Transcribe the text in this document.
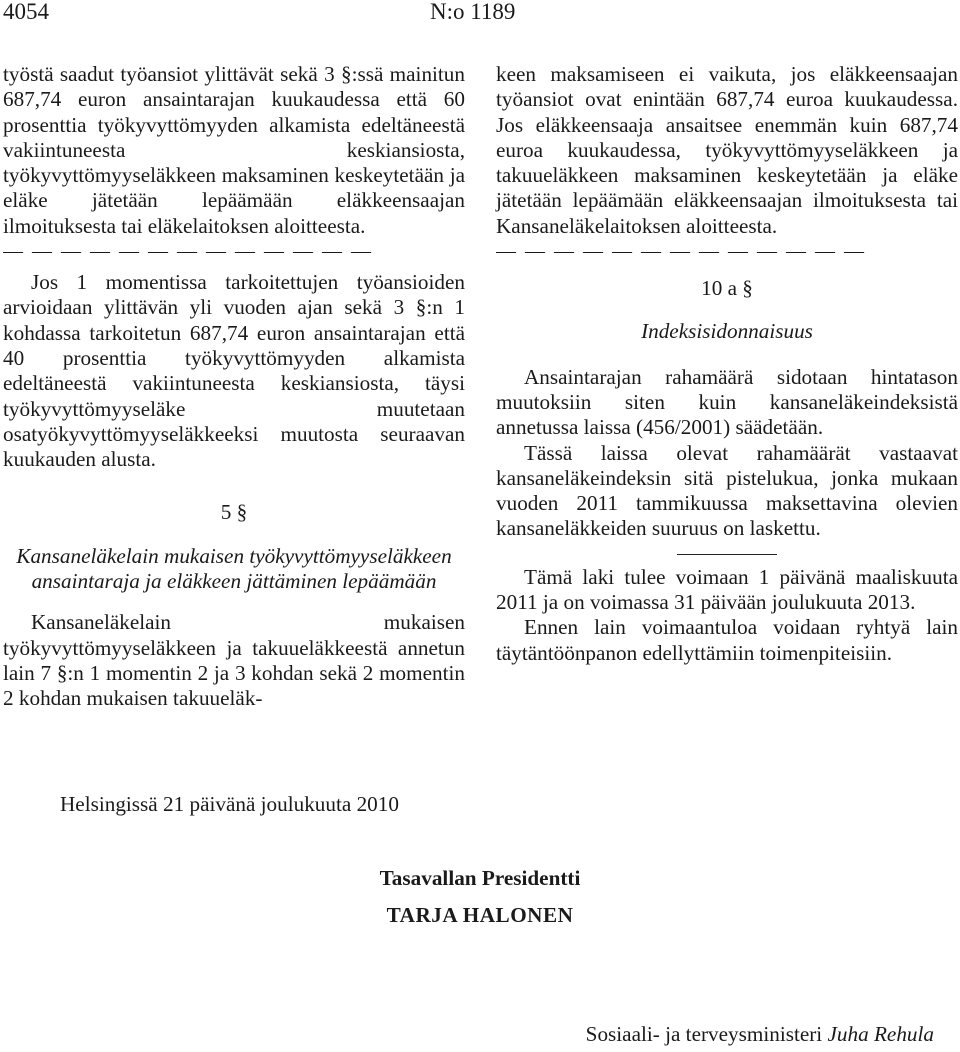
4054	N:o 1189

työstä saadut työansiot ylittävät sekä 3 §:ssä mainitun 687,74 euron ansaintarajan kuukaudessa että 60 prosenttia työkyvyttömyyden alkamista edeltäneestä vakiintuneesta keskiansiosta, työkyvyttömyyseläkkeen maksaminen keskeytetään ja eläke jätetään lepäämään eläkkeensaajan ilmoituksesta tai eläkelaitoksen aloitteesta.

— — — — — — — — — — — — —

Jos 1 momentissa tarkoitettujen työansioiden arvioidaan ylittävän yli vuoden ajan sekä 3 §:n 1 kohdassa tarkoitetun 687,74 euron ansaintarajan että 40 prosenttia työkyvyttömyyden alkamista edeltäneestä vakiintuneesta keskiansiosta, täysi työkyvyttömyyseläke muutetaan osatyökyvyttömyyseläkkeeksi muutosta seuraavan kuukauden alusta.

5 §

Kansaneläkelain mukaisen työkyvyttömyyseläkkeen ansaintaraja ja eläkkeen jättäminen lepäämään

Kansaneläkelain mukaisen työkyvyttömyyseläkkeen ja takuueläkkeestä annetun lain 7 §:n 1 momentin 2 ja 3 kohdan sekä 2 momentin 2 kohdan mukaisen takuueläk-

keen maksamiseen ei vaikuta, jos eläkkeensaajan työansiot ovat enintään 687,74 euroa kuukaudessa. Jos eläkkeensaaja ansaitsee enemmän kuin 687,74 euroa kuukaudessa, työkyvyttömyyseläkkeen ja takuueläkkeen maksaminen keskeytetään ja eläke jätetään lepäämään eläkkeensaajan ilmoituksesta tai Kansaneläkelaitoksen aloitteesta.

— — — — — — — — — — — — —

10 a §

Indeksisidonnaisuus

Ansaintarajan rahamäärä sidotaan hintatason muutoksiin siten kuin kansaneläkeindeksistä annetussa laissa (456/2001) säädetään.

Tässä laissa olevat rahamäärät vastaavat kansaneläkeindeksin sitä pistelukua, jonka mukaan vuoden 2011 tammikuussa maksettavina olevien kansaneläkkeiden suuruus on laskettu.

Tämä laki tulee voimaan 1 päivänä maaliskuuta 2011 ja on voimassa 31 päivään joulukuuta 2013.

Ennen lain voimaantuloa voidaan ryhtyä lain täytäntöönpanon edellyttämiin toimenpiteisiin.

Helsingissä 21 päivänä joulukuuta 2010
Tasavallan Presidentti
TARJA HALONEN
Sosiaali- ja terveysministeri Juha Rehula
